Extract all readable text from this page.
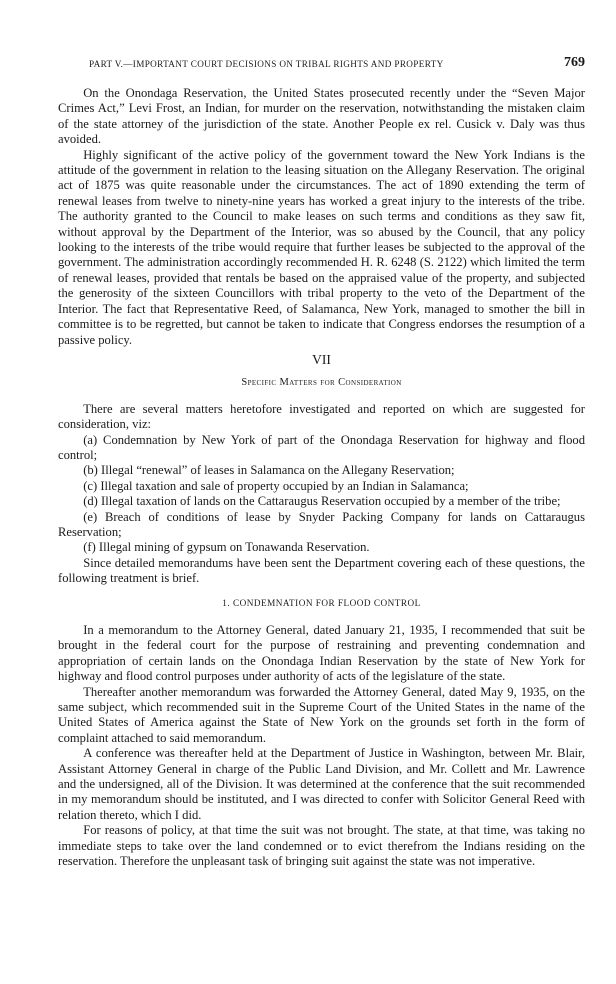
PART V.—IMPORTANT COURT DECISIONS ON TRIBAL RIGHTS AND PROPERTY	769

On the Onondaga Reservation, the United States prosecuted recently under the “Seven Major Crimes Act,” Levi Frost, an Indian, for murder on the reservation, notwithstanding the mistaken claim of the state attorney of the jurisdiction of the state. Another People ex rel. Cusick v. Daly was thus avoided.

Highly significant of the active policy of the government toward the New York Indians is the attitude of the government in relation to the leasing situation on the Allegany Reservation. The original act of 1875 was quite reasonable under the circumstances. The act of 1890 extending the term of renewal leases from twelve to ninety-nine years has worked a great injury to the interests of the tribe. The authority granted to the Council to make leases on such terms and conditions as they saw fit, without approval by the Department of the Interior, was so abused by the Council, that any policy looking to the interests of the tribe would require that further leases be subjected to the approval of the government. The administration accordingly recommended H. R. 6248 (S. 2122) which limited the term of renewal leases, provided that rentals be based on the appraised value of the property, and subjected the generosity of the sixteen Councillors with tribal property to the veto of the Department of the Interior. The fact that Representative Reed, of Salamanca, New York, managed to smother the bill in committee is to be regretted, but cannot be taken to indicate that Congress endorses the resumption of a passive policy.

VII
Specific Matters for Consideration

There are several matters heretofore investigated and reported on which are suggested for consideration, viz:

(a) Condemnation by New York of part of the Onondaga Reservation for highway and flood control;

(b) Illegal “renewal” of leases in Salamanca on the Allegany Reservation;

(c) Illegal taxation and sale of property occupied by an Indian in Salamanca;

(d) Illegal taxation of lands on the Cattaraugus Reservation occupied by a member of the tribe;

(e) Breach of conditions of lease by Snyder Packing Company for lands on Cattaraugus Reservation;

(f) Illegal mining of gypsum on Tonawanda Reservation.

Since detailed memorandums have been sent the Department covering each of these questions, the following treatment is brief.

1. CONDEMNATION FOR FLOOD CONTROL

In a memorandum to the Attorney General, dated January 21, 1935, I recommended that suit be brought in the federal court for the purpose of restraining and preventing condemnation and appropriation of certain lands on the Onondaga Indian Reservation by the state of New York for highway and flood control purposes under authority of acts of the legislature of the state.

Thereafter another memorandum was forwarded the Attorney General, dated May 9, 1935, on the same subject, which recommended suit in the Supreme Court of the United States in the name of the United States of America against the State of New York on the grounds set forth in the form of complaint attached to said memorandum.

A conference was thereafter held at the Department of Justice in Washington, between Mr. Blair, Assistant Attorney General in charge of the Public Land Division, and Mr. Collett and Mr. Lawrence and the undersigned, all of the Division. It was determined at the conference that the suit recommended in my memorandum should be instituted, and I was directed to confer with Solicitor General Reed with relation thereto, which I did.

For reasons of policy, at that time the suit was not brought. The state, at that time, was taking no immediate steps to take over the land condemned or to evict therefrom the Indians residing on the reservation. Therefore the unpleasant task of bringing suit against the state was not imperative.
